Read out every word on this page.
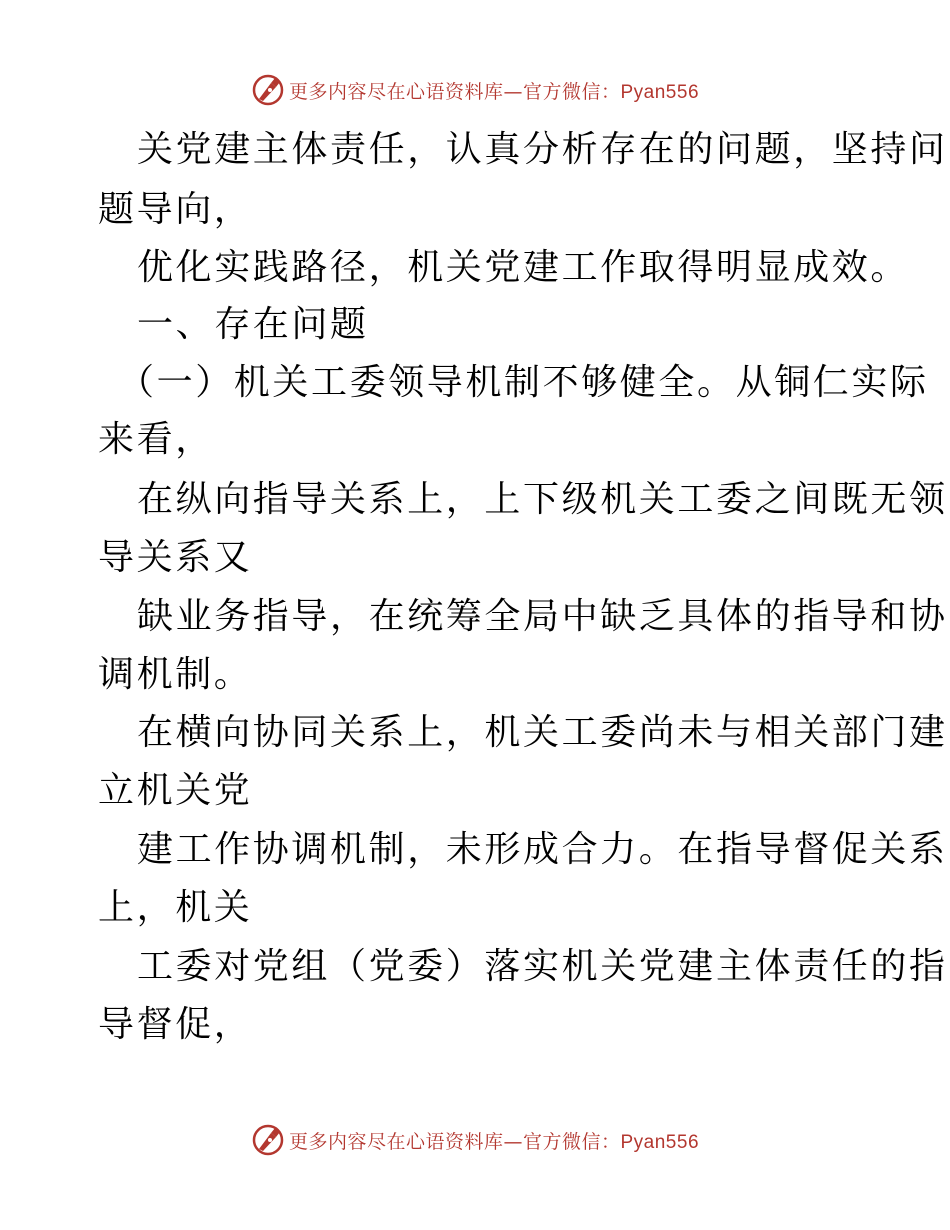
更多内容尽在心语资料库—官方微信：Pyan556
关党建主体责任，认真分析存在的问题，坚持问
题导向，
优化实践路径，机关党建工作取得明显成效。
一、存在问题
（一）机关工委领导机制不够健全。从铜仁实际
来看，
在纵向指导关系上，上下级机关工委之间既无领
导关系又
缺业务指导，在统筹全局中缺乏具体的指导和协
调机制。
在横向协同关系上，机关工委尚未与相关部门建
立机关党
建工作协调机制，未形成合力。在指导督促关系
上，机关
工委对党组（党委）落实机关党建主体责任的指
导督促，
更多内容尽在心语资料库—官方微信：Pyan556
